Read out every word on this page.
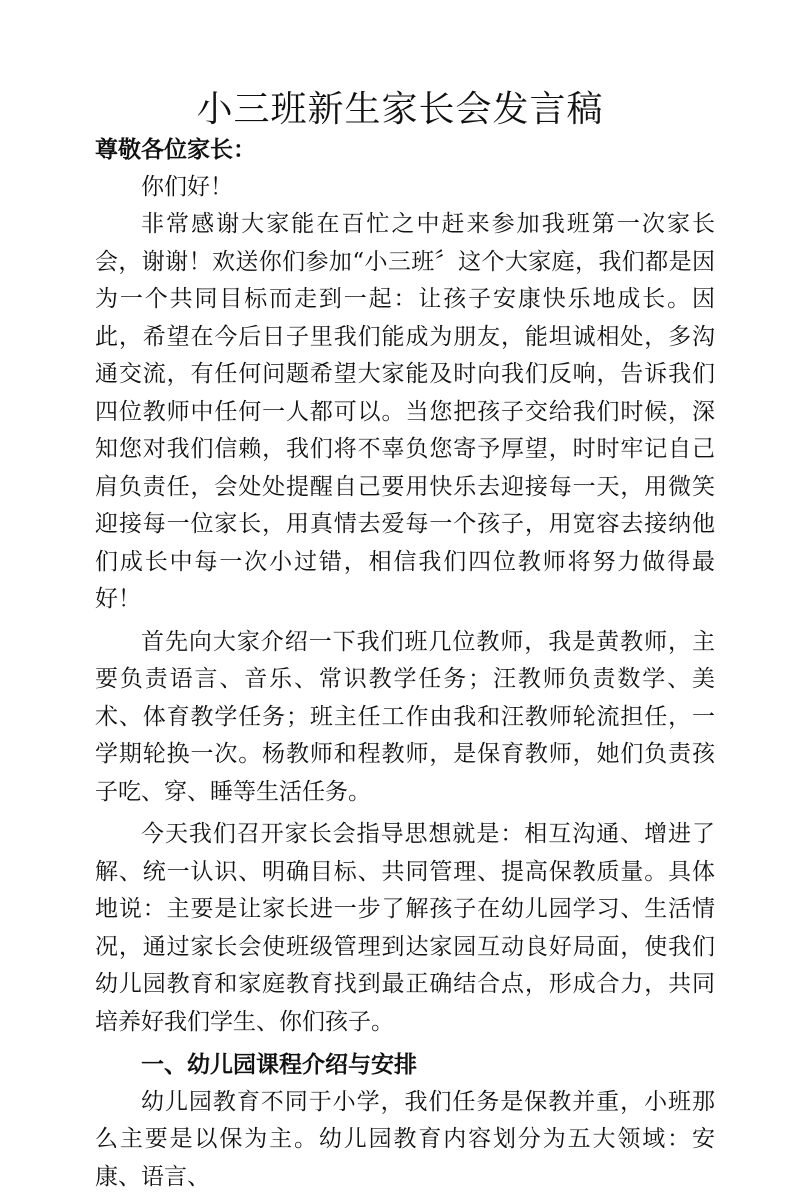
小三班新生家长会发言稿

尊敬各位家长：

你们好！

非常感谢大家能在百忙之中赶来参加我班第一次家长会，谢谢！欢送你们参加“小三班〞这个大家庭，我们都是因为一个共同目标而走到一起：让孩子安康快乐地成长。因此，希望在今后日子里我们能成为朋友，能坦诚相处，多沟通交流，有任何问题希望大家能及时向我们反响，告诉我们四位教师中任何一人都可以。当您把孩子交给我们时候，深知您对我们信赖，我们将不辜负您寄予厚望，时时牢记自己肩负责任，会处处提醒自己要用快乐去迎接每一天，用微笑迎接每一位家长，用真情去爱每一个孩子，用宽容去接纳他们成长中每一次小过错，相信我们四位教师将努力做得最好！

首先向大家介绍一下我们班几位教师，我是黄教师，主要负责语言、音乐、常识教学任务；汪教师负责数学、美术、体育教学任务；班主任工作由我和汪教师轮流担任，一学期轮换一次。杨教师和程教师，是保育教师，她们负责孩子吃、穿、睡等生活任务。

今天我们召开家长会指导思想就是：相互沟通、增进了解、统一认识、明确目标、共同管理、提高保教质量。具体地说：主要是让家长进一步了解孩子在幼儿园学习、生活情况，通过家长会使班级管理到达家园互动良好局面，使我们幼儿园教育和家庭教育找到最正确结合点，形成合力，共同培养好我们学生、你们孩子。

一、幼儿园课程介绍与安排

幼儿园教育不同于小学，我们任务是保教并重，小班那么主要是以保为主。幼儿园教育内容划分为五大领域：安康、语言、
